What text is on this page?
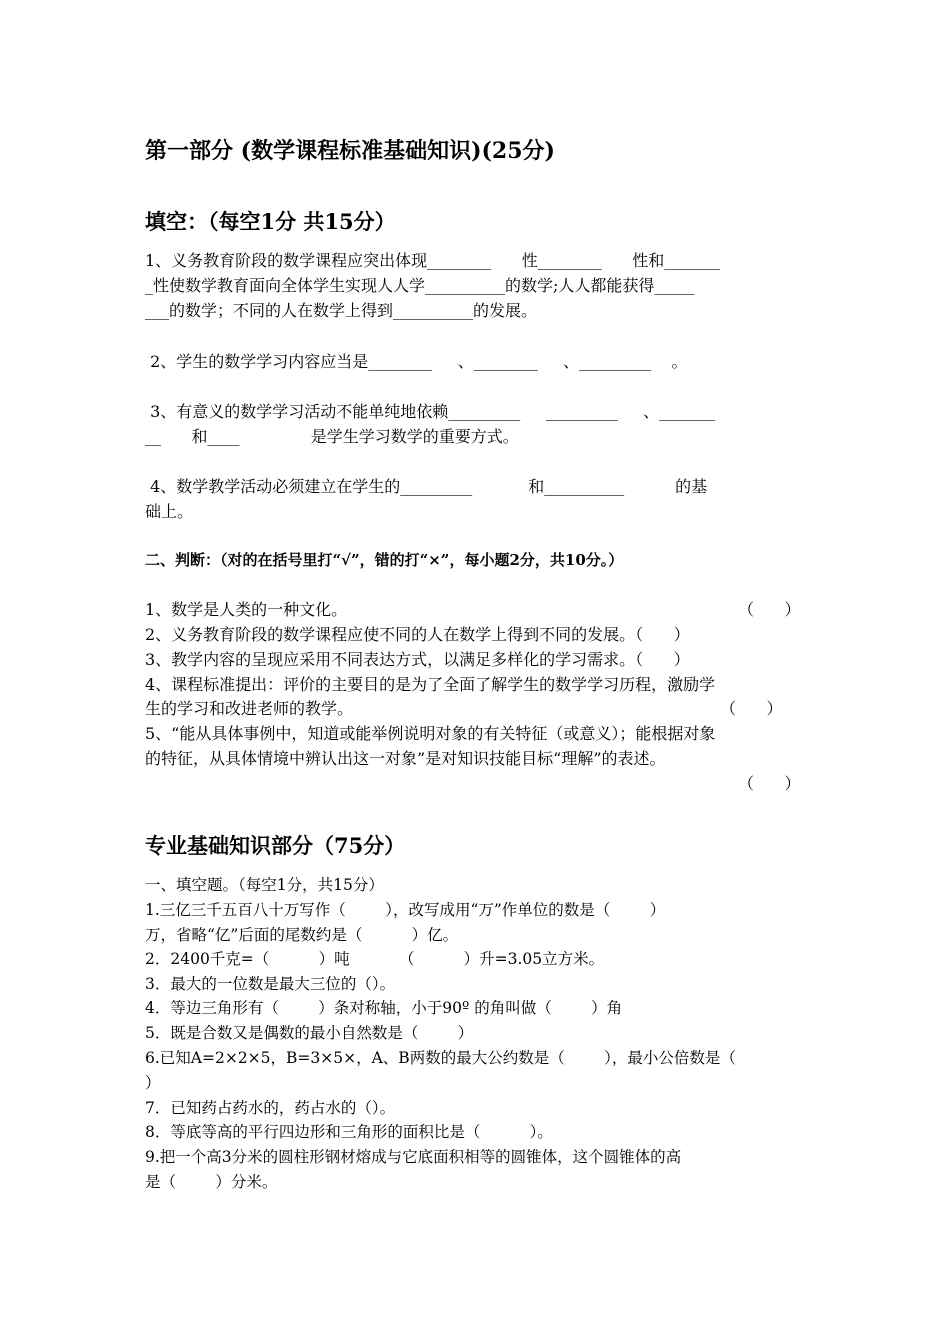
第一部分 (数学课程标准基础知识)(25分)
填空：（每空1分 共15分）
1、义务教育阶段的数学课程应突出体现________      性________      性和_______
_性使数学教育面向全体学生实现人人学__________的数学;人人都能获得_____
___的数学；不同的人在数学上得到__________的发展。
2、学生的数学学习内容应当是________     、________     、_________    。
3、有意义的数学学习活动不能单纯地依赖_________     _________     、_______
__      和____              是学生学习数学的重要方式。
4、数学教学活动必须建立在学生的_________           和__________          的基
础上。
二、判断：（对的在括号里打“√”，错的打“×”，每小题2分，共10分。）
1、数学是人类的一种文化。	（      ）
2、义务教育阶段的数学课程应使不同的人在数学上得到不同的发展。（      ）
3、教学内容的呈现应采用不同表达方式，以满足多样化的学习需求。（      ）
4、课程标准提出：评价的主要目的是为了全面了解学生的数学学习历程，激励学
生的学习和改进老师的教学。	（      ）
5、“能从具体事例中，知道或能举例说明对象的有关特征（或意义）；能根据对象
的特征，从具体情境中辨认出这一对象”是对知识技能目标“理解”的表述。
（      ）
专业基础知识部分（75分）
一、填空题。（每空1分，共15分）
1.三亿三千五百八十万写作（        ），改写成用“万”作单位的数是（        ）
万，省略“亿”后面的尾数约是（          ）亿。
2．2400千克=（          ）吨          （          ）升=3.05立方米。
3．最大的一位数是最大三位的（）。
4．等边三角形有（        ）条对称轴，小于90º 的角叫做（        ）角
5．既是合数又是偶数的最小自然数是（        ）
6.已知A=2×2×5，B=3×5×，A、B两数的最大公约数是（        ），最小公倍数是（
）
7．已知药占药水的，药占水的（）。
8．等底等高的平行四边形和三角形的面积比是（          ）。
9.把一个高3分米的圆柱形钢材熔成与它底面积相等的圆锥体，这个圆锥体的高
是（        ）分米。
